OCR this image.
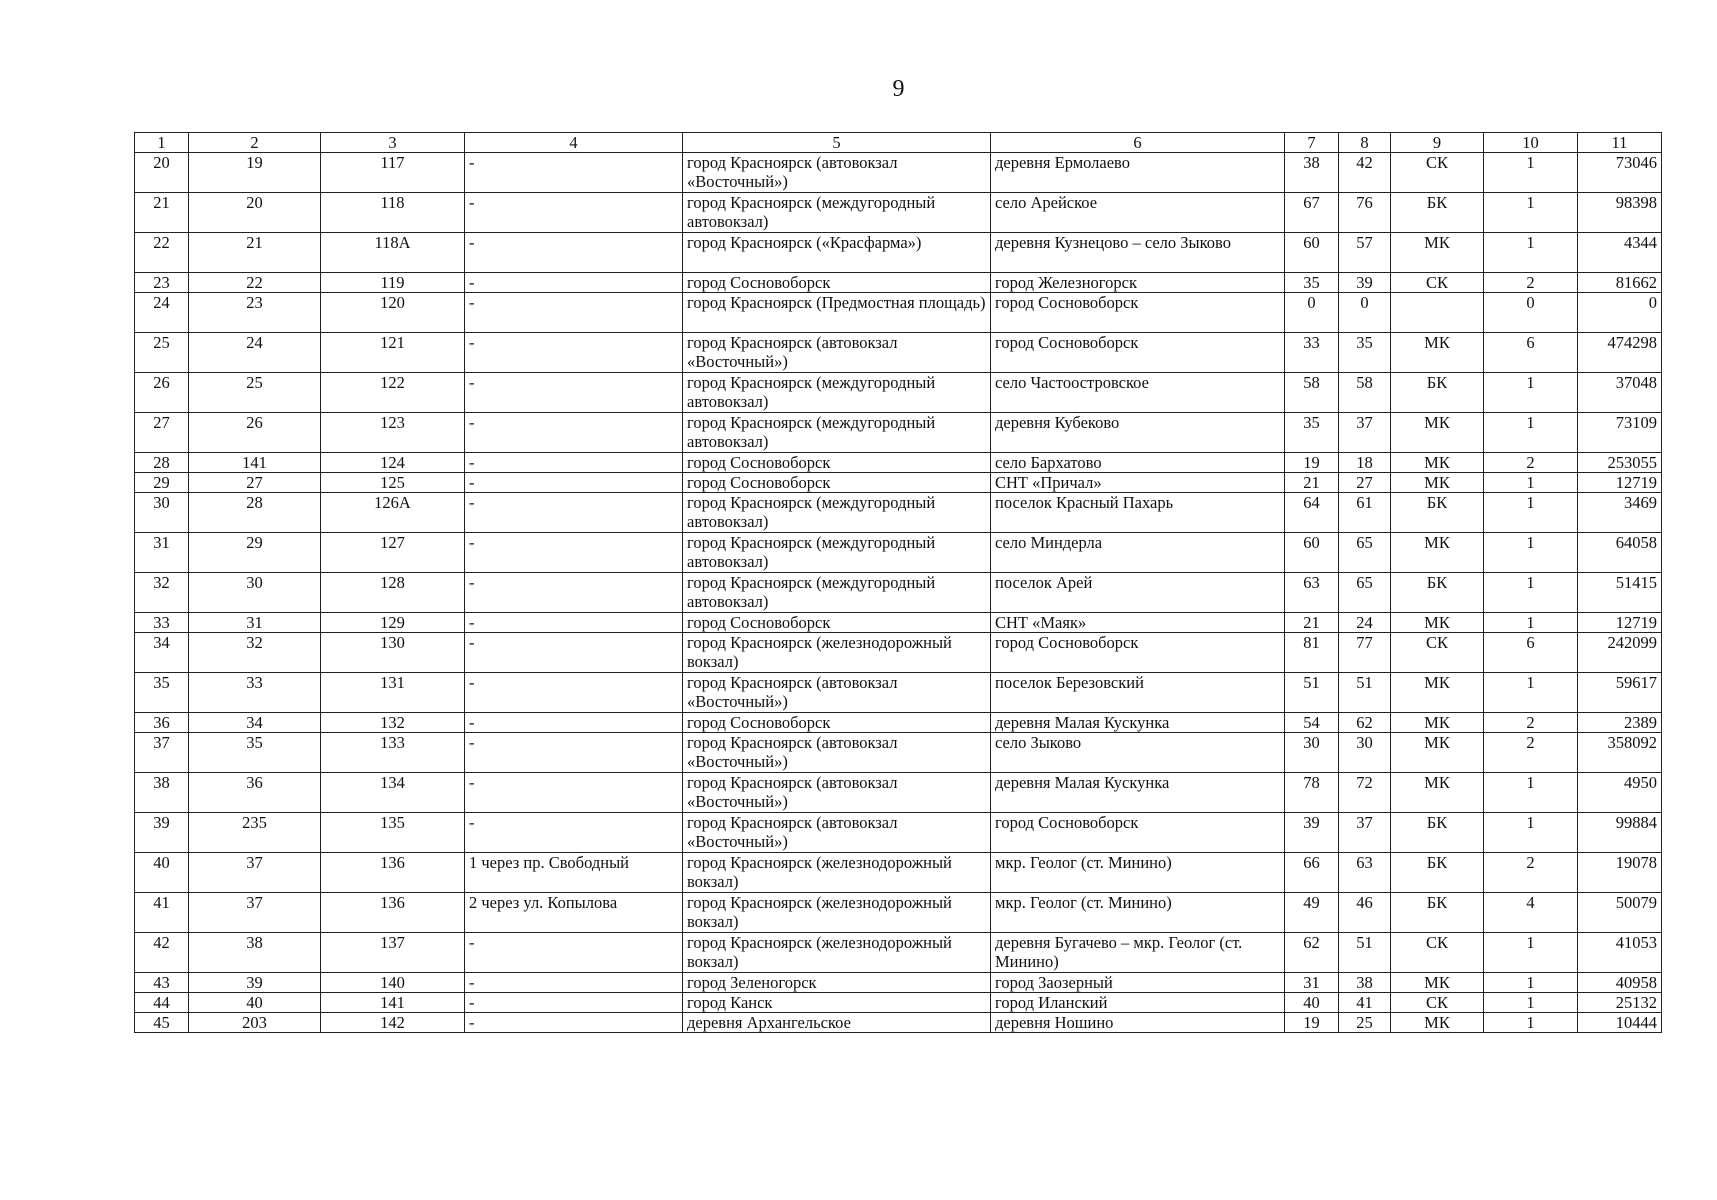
9
1	2	3	4	5	6	7	8	9	10	11
20	19	117	-	город Красноярск (автовокзал «Восточный»)	деревня Ермолаево	38	42	СК	1	73046
21	20	118	-	город Красноярск (междугородный автовокзал)	село Арейское	67	76	БК	1	98398
22	21	118А	-	город Красноярск («Красфарма»)	деревня Кузнецово – село Зыково	60	57	МК	1	4344
23	22	119	-	город Сосновоборск	город Железногорск	35	39	СК	2	81662
24	23	120	-	город Красноярск (Предмостная площадь)	город Сосновоборск	0	0		0	0
25	24	121	-	город Красноярск (автовокзал «Восточный»)	город Сосновоборск	33	35	МК	6	474298
26	25	122	-	город Красноярск (междугородный автовокзал)	село Частоостровское	58	58	БК	1	37048
27	26	123	-	город Красноярск (междугородный автовокзал)	деревня Кубеково	35	37	МК	1	73109
28	141	124	-	город Сосновоборск	село Бархатово	19	18	МК	2	253055
29	27	125	-	город Сосновоборск	СНТ «Причал»	21	27	МК	1	12719
30	28	126А	-	город Красноярск (междугородный автовокзал)	поселок Красный Пахарь	64	61	БК	1	3469
31	29	127	-	город Красноярск (междугородный автовокзал)	село Миндерла	60	65	МК	1	64058
32	30	128	-	город Красноярск (междугородный автовокзал)	поселок Арей	63	65	БК	1	51415
33	31	129	-	город Сосновоборск	СНТ «Маяк»	21	24	МК	1	12719
34	32	130	-	город Красноярск (железнодорожный вокзал)	город Сосновоборск	81	77	СК	6	242099
35	33	131	-	город Красноярск (автовокзал «Восточный»)	поселок Березовский	51	51	МК	1	59617
36	34	132	-	город Сосновоборск	деревня Малая Кускунка	54	62	МК	2	2389
37	35	133	-	город Красноярск (автовокзал «Восточный»)	село Зыково	30	30	МК	2	358092
38	36	134	-	город Красноярск (автовокзал «Восточный»)	деревня Малая Кускунка	78	72	МК	1	4950
39	235	135	-	город Красноярск (автовокзал «Восточный»)	город Сосновоборск	39	37	БК	1	99884
40	37	136	1 через пр. Свободный	город Красноярск (железнодорожный вокзал)	мкр. Геолог (ст. Минино)	66	63	БК	2	19078
41	37	136	2 через ул. Копылова	город Красноярск (железнодорожный вокзал)	мкр. Геолог (ст. Минино)	49	46	БК	4	50079
42	38	137	-	город Красноярск (железнодорожный вокзал)	деревня Бугачево – мкр. Геолог (ст. Минино)	62	51	СК	1	41053
43	39	140	-	город Зеленогорск	город Заозерный	31	38	МК	1	40958
44	40	141	-	город Канск	город Иланский	40	41	СК	1	25132
45	203	142	-	деревня Архангельское	деревня Ношино	19	25	МК	1	10444
